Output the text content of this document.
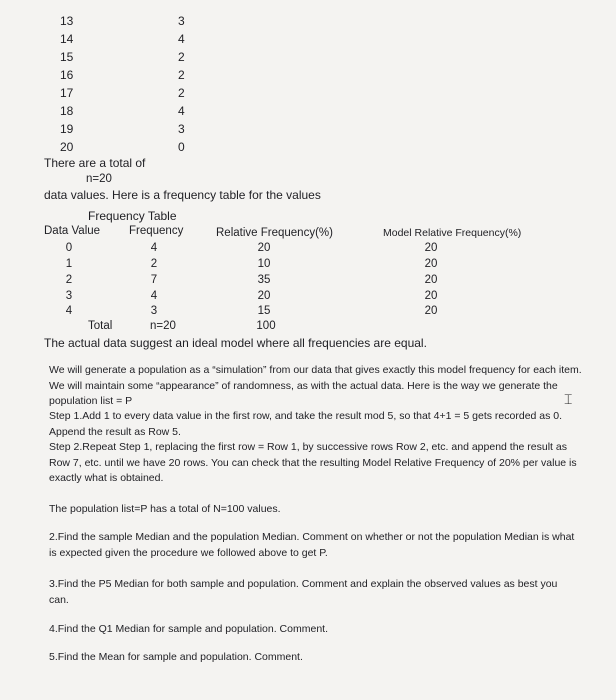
13	3
14	4
15	2
16	2
17	2
18	4
19	3
20	0
There are a total of
n=20
data values. Here is a frequency table for the values
Frequency Table
Data Value	Frequency	Relative Frequency(%)	Model Relative Frequency(%)
0	4	20	20
1	2	10	20
2	7	35	20
3	4	20	20
4	3	15	20
Total	n=20	100
The actual data suggest an ideal model where all frequencies are equal.
We will generate a population as a “simulation” from our data that gives exactly this model frequency for each item. We will maintain some “appearance” of randomness, as with the actual data. Here is the way we generate the population list = P	⌶
Step 1.Add 1 to every data value in the first row, and take the result mod 5, so that 4+1 = 5 gets recorded as 0. Append the result as Row 5.
Step 2.Repeat Step 1, replacing the first row = Row 1, by successive rows Row 2, etc. and append the result as Row 7, etc. until we have 20 rows. You can check that the resulting Model Relative Frequency of 20% per value is exactly what is obtained.
The population list=P has a total of N=100 values.
2.Find the sample Median and the population Median. Comment on whether or not the population Median is what is expected given the procedure we followed above to get P.
3.Find the P5 Median for both sample and population. Comment and explain the observed values as best you can.
4.Find the Q1 Median for sample and population. Comment.
5.Find the Mean for sample and population. Comment.
